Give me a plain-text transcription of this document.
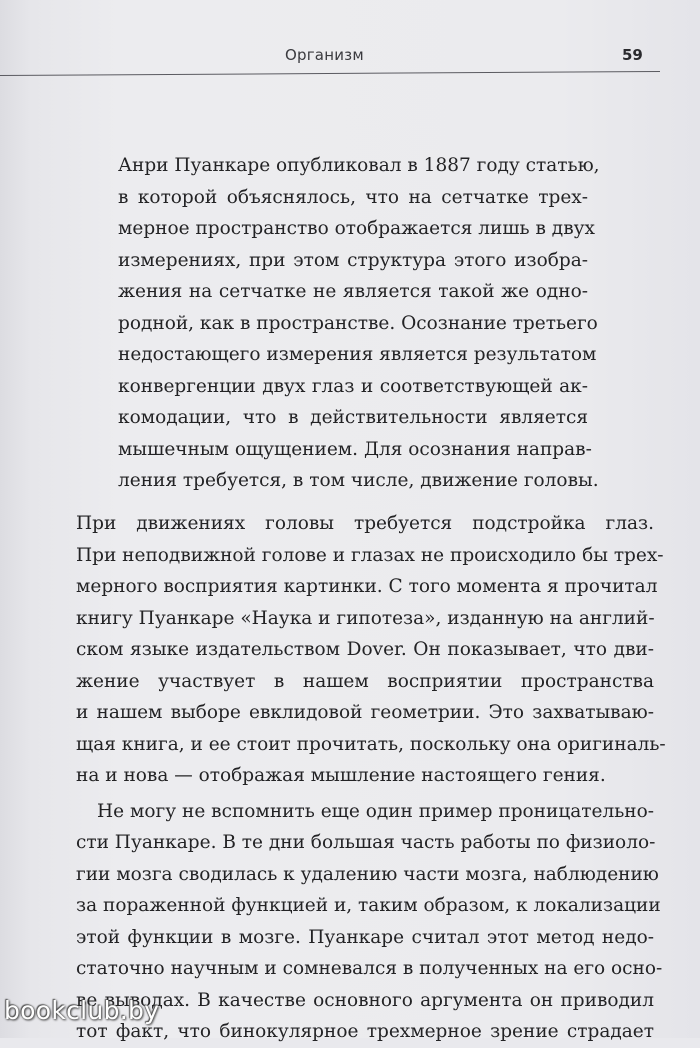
Организм	59
Анри Пуанкаре опубликовал в 1887 году статью,
в которой объяснялось, что на сетчатке трех-
мерное пространство отображается лишь в двух
измерениях, при этом структура этого изобра-
жения на сетчатке не является такой же одно-
родной, как в пространстве. Осознание третьего
недостающего измерения является результатом
конвергенции двух глаз и соответствующей ак-
комодации, что в действительности является
мышечным ощущением. Для осознания направ-
ления требуется, в том числе, движение головы.
При движениях головы требуется подстройка глаз.
При неподвижной голове и глазах не происходило бы трех-
мерного восприятия картинки. С того момента я прочитал
книгу Пуанкаре «Наука и гипотеза», изданную на англий-
ском языке издательством Dover. Он показывает, что дви-
жение участвует в нашем восприятии пространства
и нашем выборе евклидовой геометрии. Это захватываю-
щая книга, и ее стоит прочитать, поскольку она оригиналь-
на и нова — отображая мышление настоящего гения.
Не могу не вспомнить еще один пример проницательно-
сти Пуанкаре. В те дни большая часть работы по физиоло-
гии мозга сводилась к удалению части мозга, наблюдению
за пораженной функцией и, таким образом, к локализации
этой функции в мозге. Пуанкаре считал этот метод недо-
статочно научным и сомневался в полученных на его осно-
ве выводах. В качестве основного аргумента он приводил
тот факт, что бинокулярное трехмерное зрение страдает
bookclub.by
